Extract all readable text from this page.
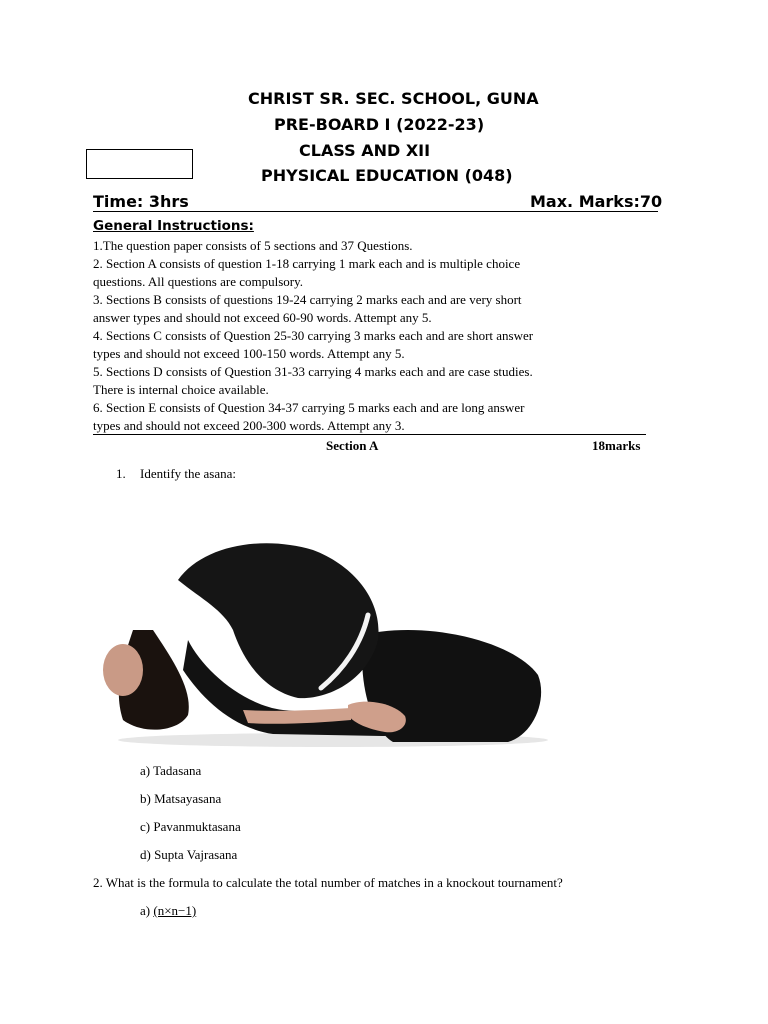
CHRIST SR. SEC. SCHOOL, GUNA
PRE-BOARD I (2022-23)
CLASS AND XII
PHYSICAL EDUCATION (048)
Time: 3hrs	Max. Marks:70
General Instructions:
1.The question paper consists of 5 sections and 37 Questions.
2. Section A consists of question 1-18 carrying 1 mark each and is multiple choice
questions. All questions are compulsory.
3. Sections B consists of questions 19-24 carrying 2 marks each and are very short
answer types and should not exceed 60-90 words. Attempt any 5.
4. Sections C consists of Question 25-30 carrying 3 marks each and are short answer
types and should not exceed 100-150 words. Attempt any 5.
5. Sections D consists of Question 31-33 carrying 4 marks each and are case studies.
There is internal choice available.
6. Section E consists of Question 34-37 carrying 5 marks each and are long answer
types and should not exceed 200-300 words. Attempt any 3.
Section A	18marks
1. Identify the asana:
a) Tadasana
b) Matsayasana
c) Pavanmuktasana
d) Supta Vajrasana
2. What is the formula to calculate the total number of matches in a knockout tournament?
a) (n×n−1)
